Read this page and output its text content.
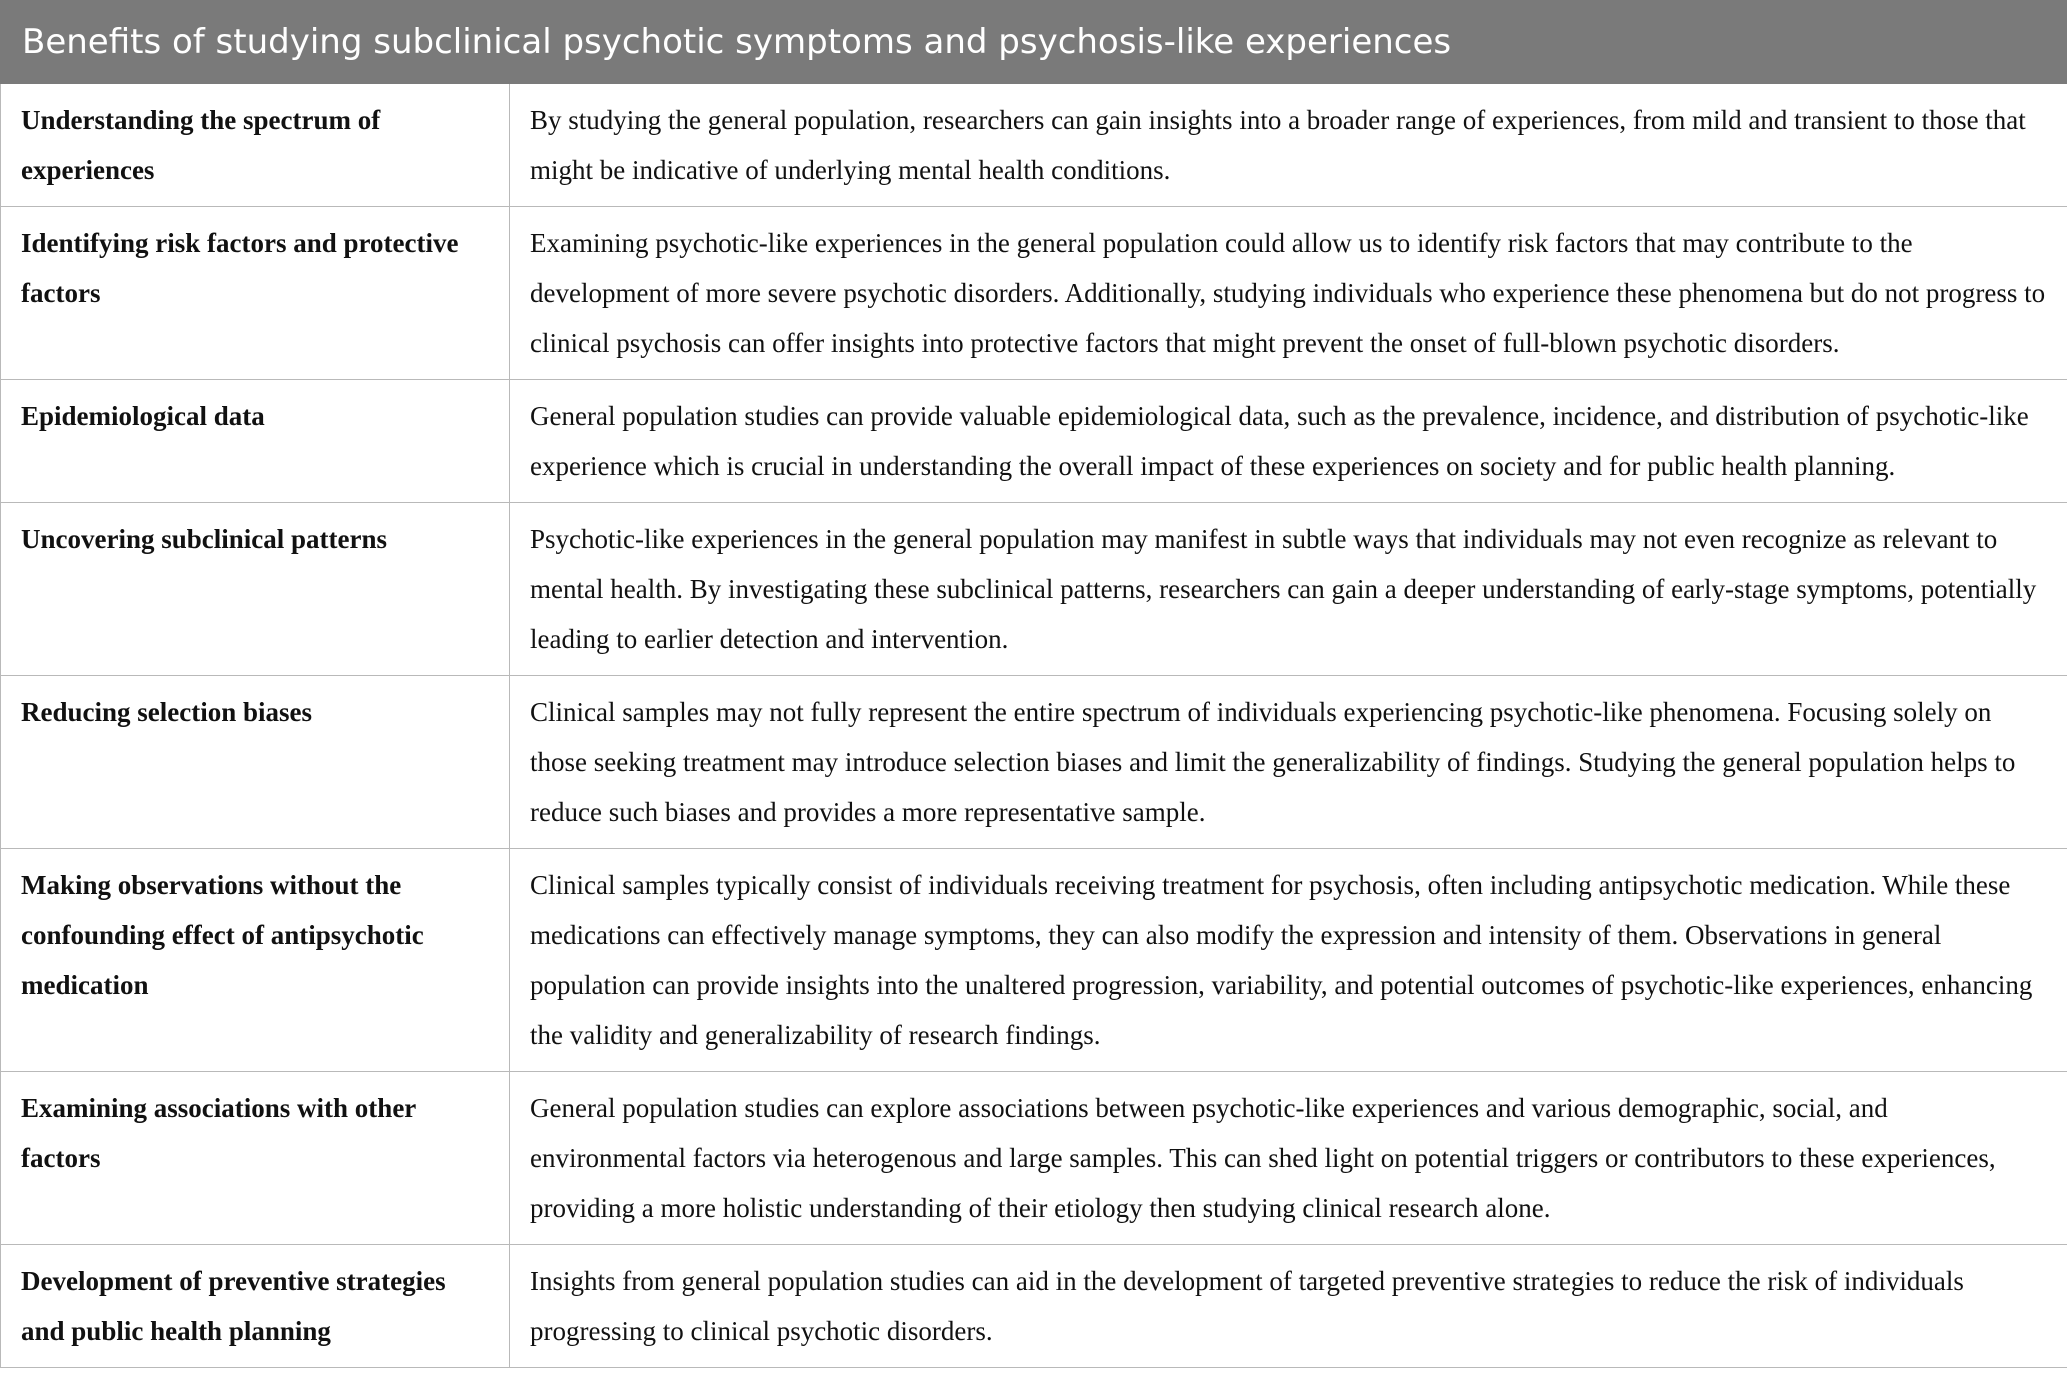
Benefits of studying subclinical psychotic symptoms and psychosis-like experiences
Understanding the spectrum of experiences	By studying the general population, researchers can gain insights into a broader range of experiences, from mild and transient to those that might be indicative of underlying mental health conditions.
Identifying risk factors and protective factors	Examining psychotic-like experiences in the general population could allow us to identify risk factors that may contribute to the development of more severe psychotic disorders. Additionally, studying individuals who experience these phenomena but do not progress to clinical psychosis can offer insights into protective factors that might prevent the onset of full-blown psychotic disorders.
Epidemiological data	General population studies can provide valuable epidemiological data, such as the prevalence, incidence, and distribution of psychotic-like experience which is crucial in understanding the overall impact of these experiences on society and for public health planning.
Uncovering subclinical patterns	Psychotic-like experiences in the general population may manifest in subtle ways that individuals may not even recognize as relevant to mental health. By investigating these subclinical patterns, researchers can gain a deeper understanding of early-stage symptoms, potentially leading to earlier detection and intervention.
Reducing selection biases	Clinical samples may not fully represent the entire spectrum of individuals experiencing psychotic-like phenomena. Focusing solely on those seeking treatment may introduce selection biases and limit the generalizability of findings. Studying the general population helps to reduce such biases and provides a more representative sample.
Making observations without the confounding effect of antipsychotic medication	Clinical samples typically consist of individuals receiving treatment for psychosis, often including antipsychotic medication. While these medications can effectively manage symptoms, they can also modify the expression and intensity of them. Observations in general population can provide insights into the unaltered progression, variability, and potential outcomes of psychotic-like experiences, enhancing the validity and generalizability of research findings.
Examining associations with other factors	General population studies can explore associations between psychotic-like experiences and various demographic, social, and environmental factors via heterogenous and large samples. This can shed light on potential triggers or contributors to these experiences, providing a more holistic understanding of their etiology then studying clinical research alone.
Development of preventive strategies and public health planning	Insights from general population studies can aid in the development of targeted preventive strategies to reduce the risk of individuals progressing to clinical psychotic disorders.
